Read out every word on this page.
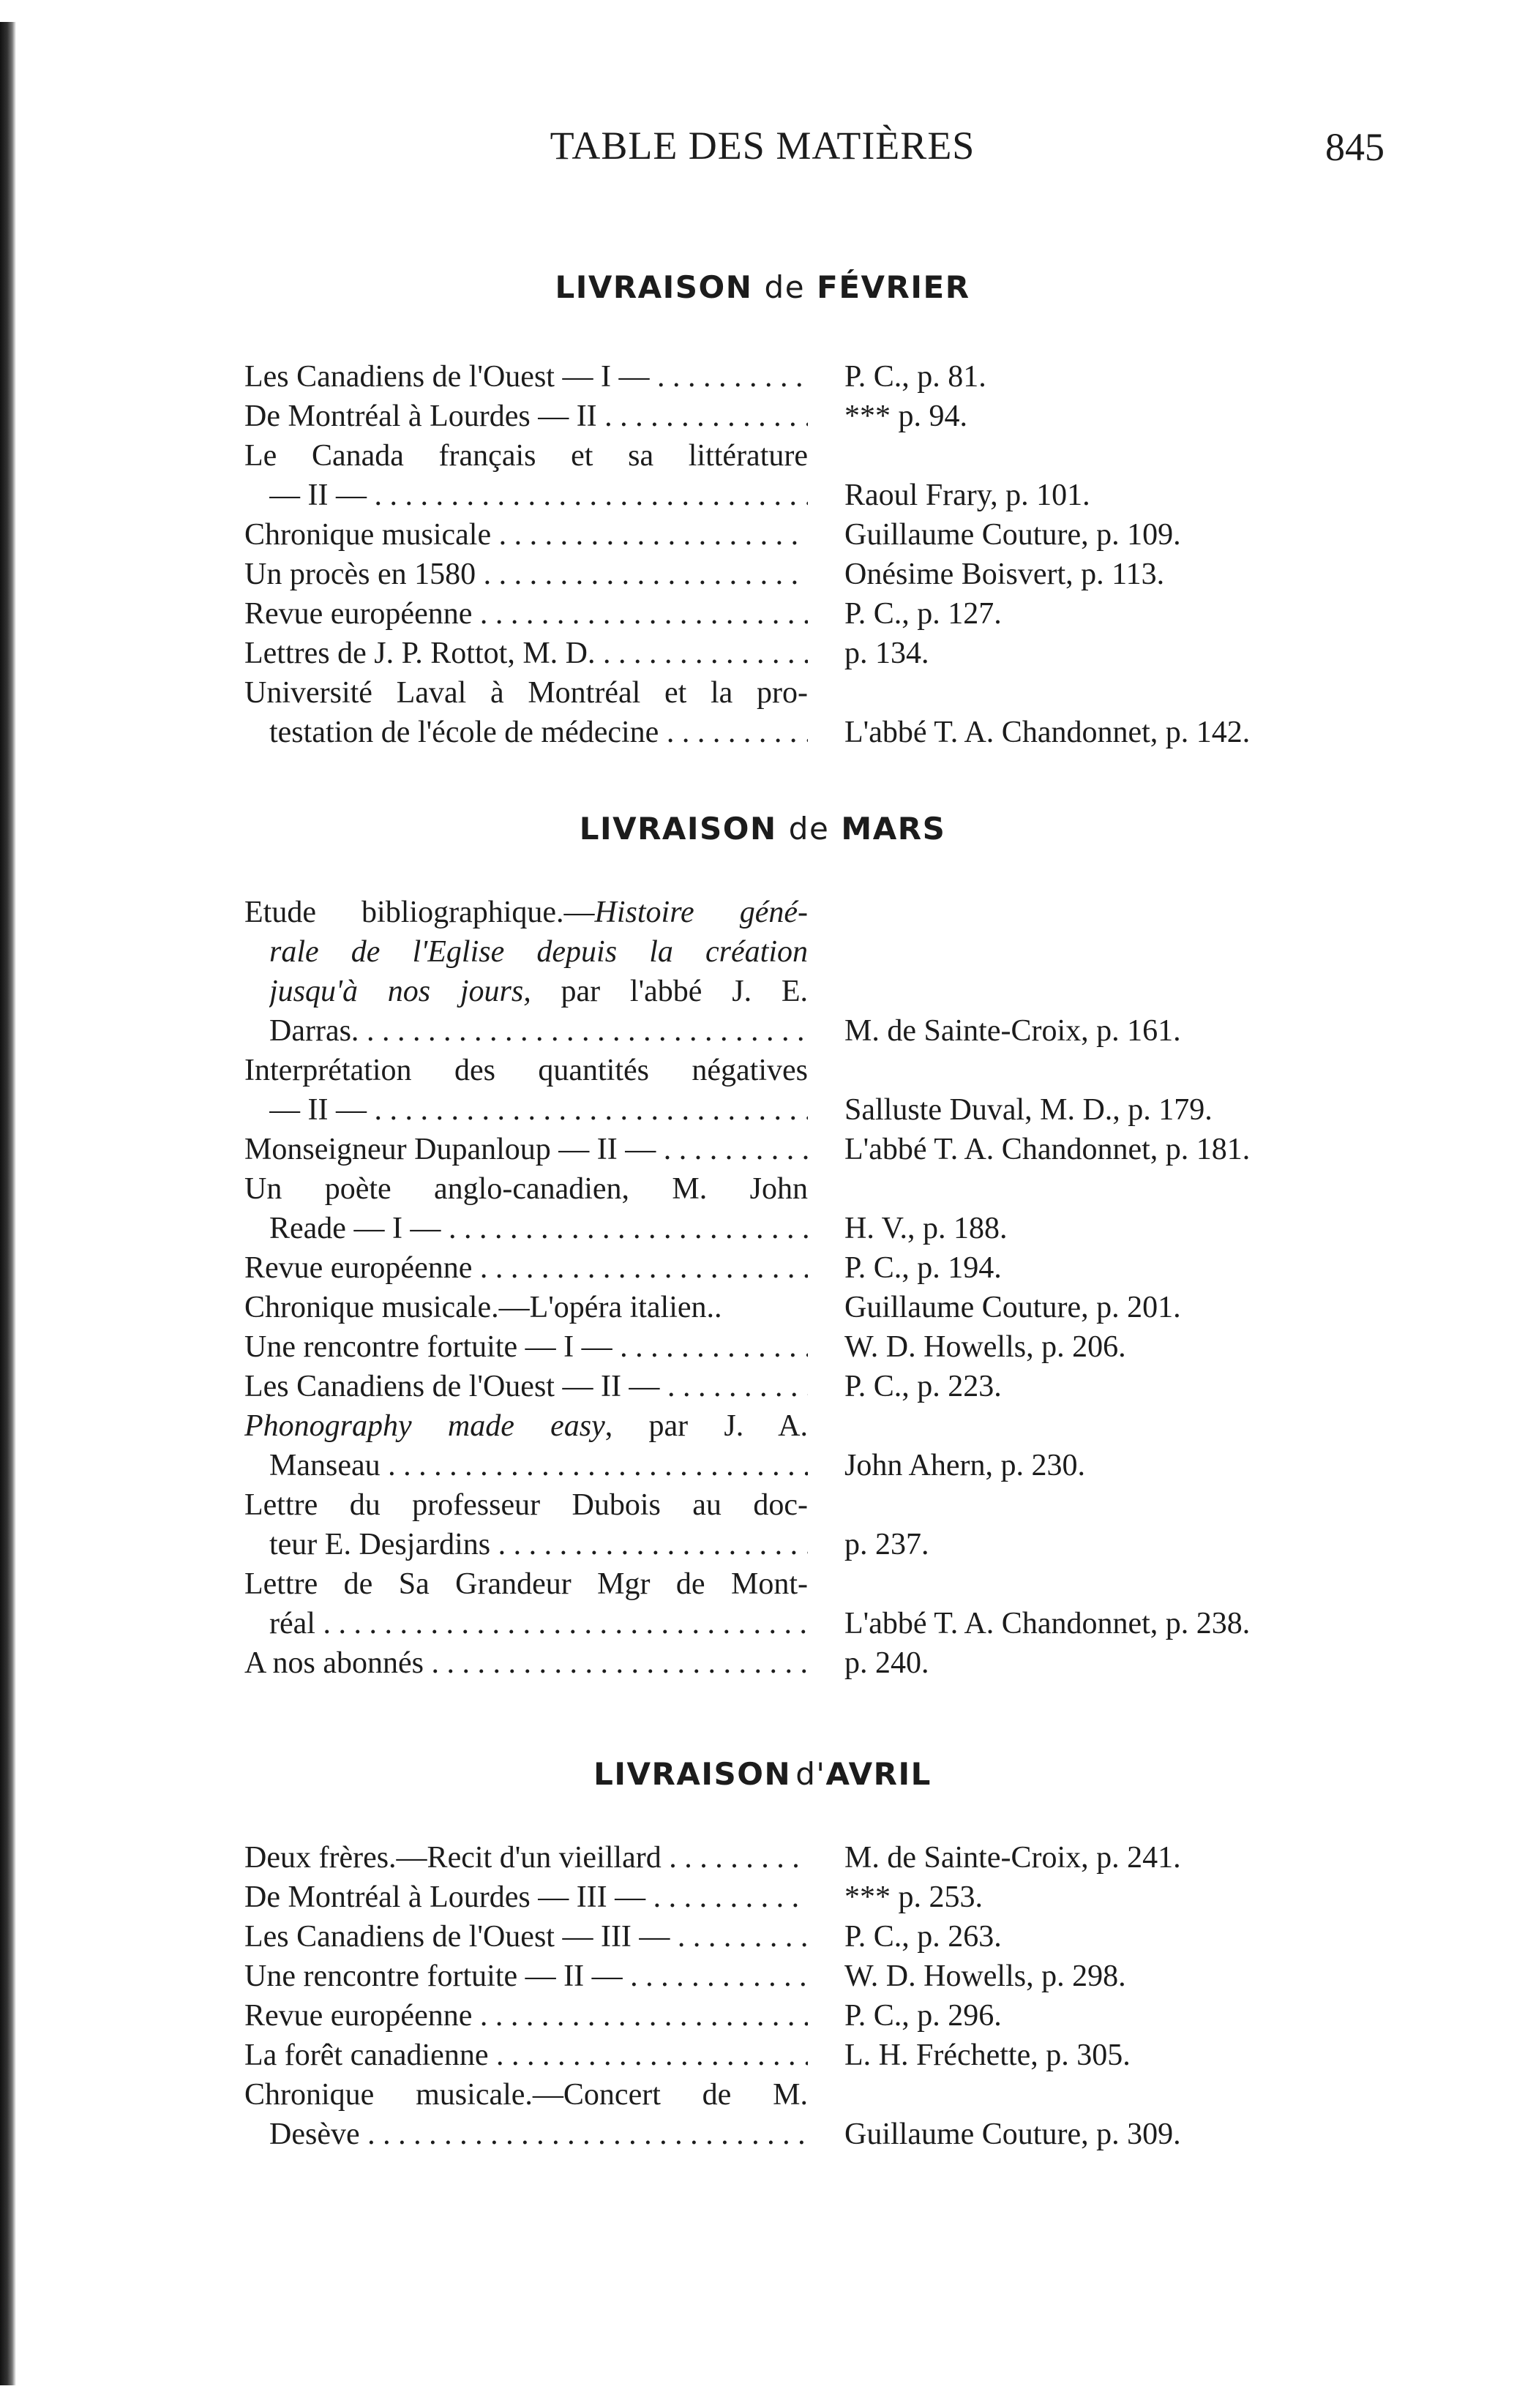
TABLE DES MATIÈRES	845
LIVRAISON de FÉVRIER
Les Canadiens de l'Ouest — I — . . .	P. C., p. 81.
De Montréal à Lourdes — II . . .	*** p. 94.
Le Canada français et sa littérature
— II — . . .	Raoul Frary, p. 101.
Chronique musicale . . .	Guillaume Couture, p. 109.
Un procès en 1580 . . .	Onésime Boisvert, p. 113.
Revue européenne . . .	P. C., p. 127.
Lettres de J. P. Rottot, M. D. . . .	p. 134.
Université Laval à Montréal et la pro-
testation de l'école de médecine . . .	L'abbé T. A. Chandonnet, p. 142.
LIVRAISON de MARS
Etude bibliographique.—Histoire géné-
rale de l'Eglise depuis la création
jusqu'à nos jours, par l'abbé J. E.
Darras. . . .	M. de Sainte-Croix, p. 161.
Interprétation des quantités négatives
— II — . . .	Salluste Duval, M. D., p. 179.
Monseigneur Dupanloup — II — . . .	L'abbé T. A. Chandonnet, p. 181.
Un poète anglo-canadien, M. John
Reade — I — . . .	H. V., p. 188.
Revue européenne . . .	P. C., p. 194.
Chronique musicale.—L'opéra italien..	Guillaume Couture, p. 201.
Une rencontre fortuite — I — . . .	W. D. Howells, p. 206.
Les Canadiens de l'Ouest — II — . . .	P. C., p. 223.
Phonography made easy, par J. A.
Manseau . . .	John Ahern, p. 230.
Lettre du professeur Dubois au doc-
teur E. Desjardins . . .	p. 237.
Lettre de Sa Grandeur Mgr de Mont-
réal . . .	L'abbé T. A. Chandonnet, p. 238.
A nos abonnés . . .	p. 240.
LIVRAISON d'AVRIL
Deux frères.—Recit d'un vieillard . . .	M. de Sainte-Croix, p. 241.
De Montréal à Lourdes — III — . . .	*** p. 253.
Les Canadiens de l'Ouest — III — . . .	P. C., p. 263.
Une rencontre fortuite — II — . . .	W. D. Howells, p. 298.
Revue européenne . . .	P. C., p. 296.
La forêt canadienne . . .	L. H. Fréchette, p. 305.
Chronique musicale.—Concert de M.
Desève . . .	Guillaume Couture, p. 309.
